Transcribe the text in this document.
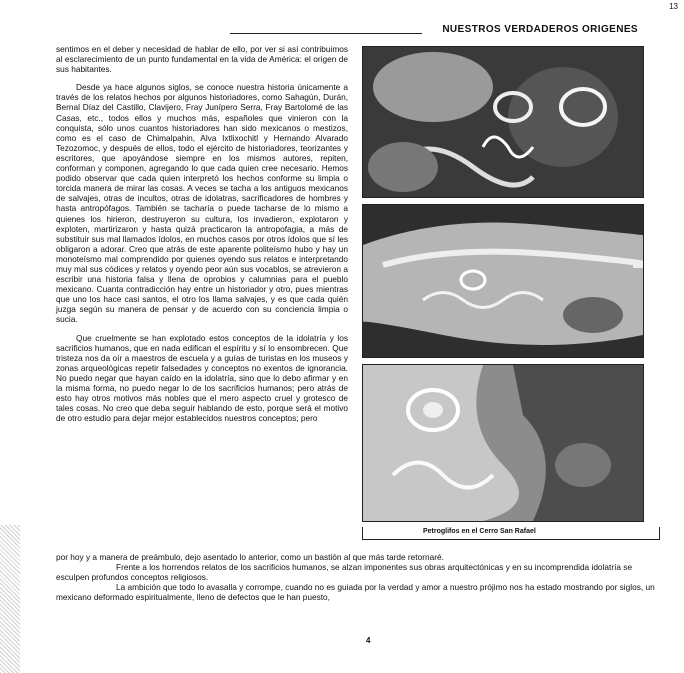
13
NUESTROS VERDADEROS ORIGENES

sentimos en el deber y necesidad de hablar de ello, por ver si así contribuimos al esclarecimiento de un punto fundamental en la vida de América: el origen de sus habitantes.

Desde ya hace algunos siglos, se conoce nuestra historia únicamente a través de los relatos hechos por algunos historiadores, como Sahagún, Durán, Bernal Díaz del Castillo, Clavijero, Fray Junípero Serra, Fray Bartolomé de las Casas, etc., todos ellos y muchos más, españoles que vinieron con la conquista, sólo unos cuantos historiadores han sido mexicanos o mestizos, como es el caso de Chimalpahin, Alva Ixtlixochitl y Hernando Alvarado Tezozomoc, y después de ellos, todo el ejército de historiadores, teorizantes y escritores, que apoyándose siempre en los mismos autores, repiten, conforman y componen, agregando lo que cada quien cree necesario. Hemos podido observar que cada quien interpretó los hechos conforme su limpia o torcida manera de mirar las cosas. A veces se tacha a los antiguos mexicanos de salvajes, otras de incultos, otras de idolatras, sacrificadores de hombres y hasta antropófagos. También se tacharía o puede tacharse de lo mismo a quienes los hirieron, destruyeron su cultura, los invadieron, explotaron y exploten, martirizaron y hasta quizá practicaron la antropofagia, a más de substituir sus mal llamados ídolos, en muchos casos por otros ídolos que sí les obligaron a adorar. Creo que atrás de este aparente politeísmo hubo y hay un monoteísmo mal comprendido por quienes oyendo sus relatos e interpretando muy mal sus códices y relatos y oyendo peor aún sus vocablos, se atrevieron a escribir una historia falsa y llena de oprobios y calumnias para el pueblo mexicano. Cuanta contradicción hay entre un historiador y otro, pues mientras que uno los hace casi santos, el otro los llama salvajes, y es que cada quién juzga según su manera de pensar y de acuerdo con su conciencia limpia o sucia.

Que cruelmente se han explotado estos conceptos de la idolatría y los sacrificios humanos, que en nada edifican el espíritu y sí lo ensombrecen. Que tristeza nos da oír a maestros de escuela y a guías de turistas en los museos y zonas arqueológicas repetir falsedades y conceptos no exentos de ignorancia. No puedo negar que hayan caído en la idolatría, sino que lo debo afirmar y en la misma forma, no puedo negar lo de los sacrificios humanos; pero atrás de esto hay otros motivos más nobles que el mero aspecto cruel y grotesco de tales cosas. No creo que deba seguir hablando de esto, porque será el motivo de otro estudio para dejar mejor establecidos nuestros conceptos; pero

Petroglifos en el Cerro San Rafael

por hoy y a manera de preámbulo, dejo asentado lo anterior, como un bastión al que más tarde retornaré.

Frente a los horrendos relatos de los sacrificios humanos, se alzan imponentes sus obras arquitectónicas y en su incomprendida idolatría se esculpen profundos conceptos religiosos.

La ambición que todo lo avasalla y corrompe, cuando no es guiada por la verdad y amor a nuestro prójimo nos ha estado mostrando por siglos, un mexicano deformado espiritualmente, lleno de defectos que le han puesto,

4
